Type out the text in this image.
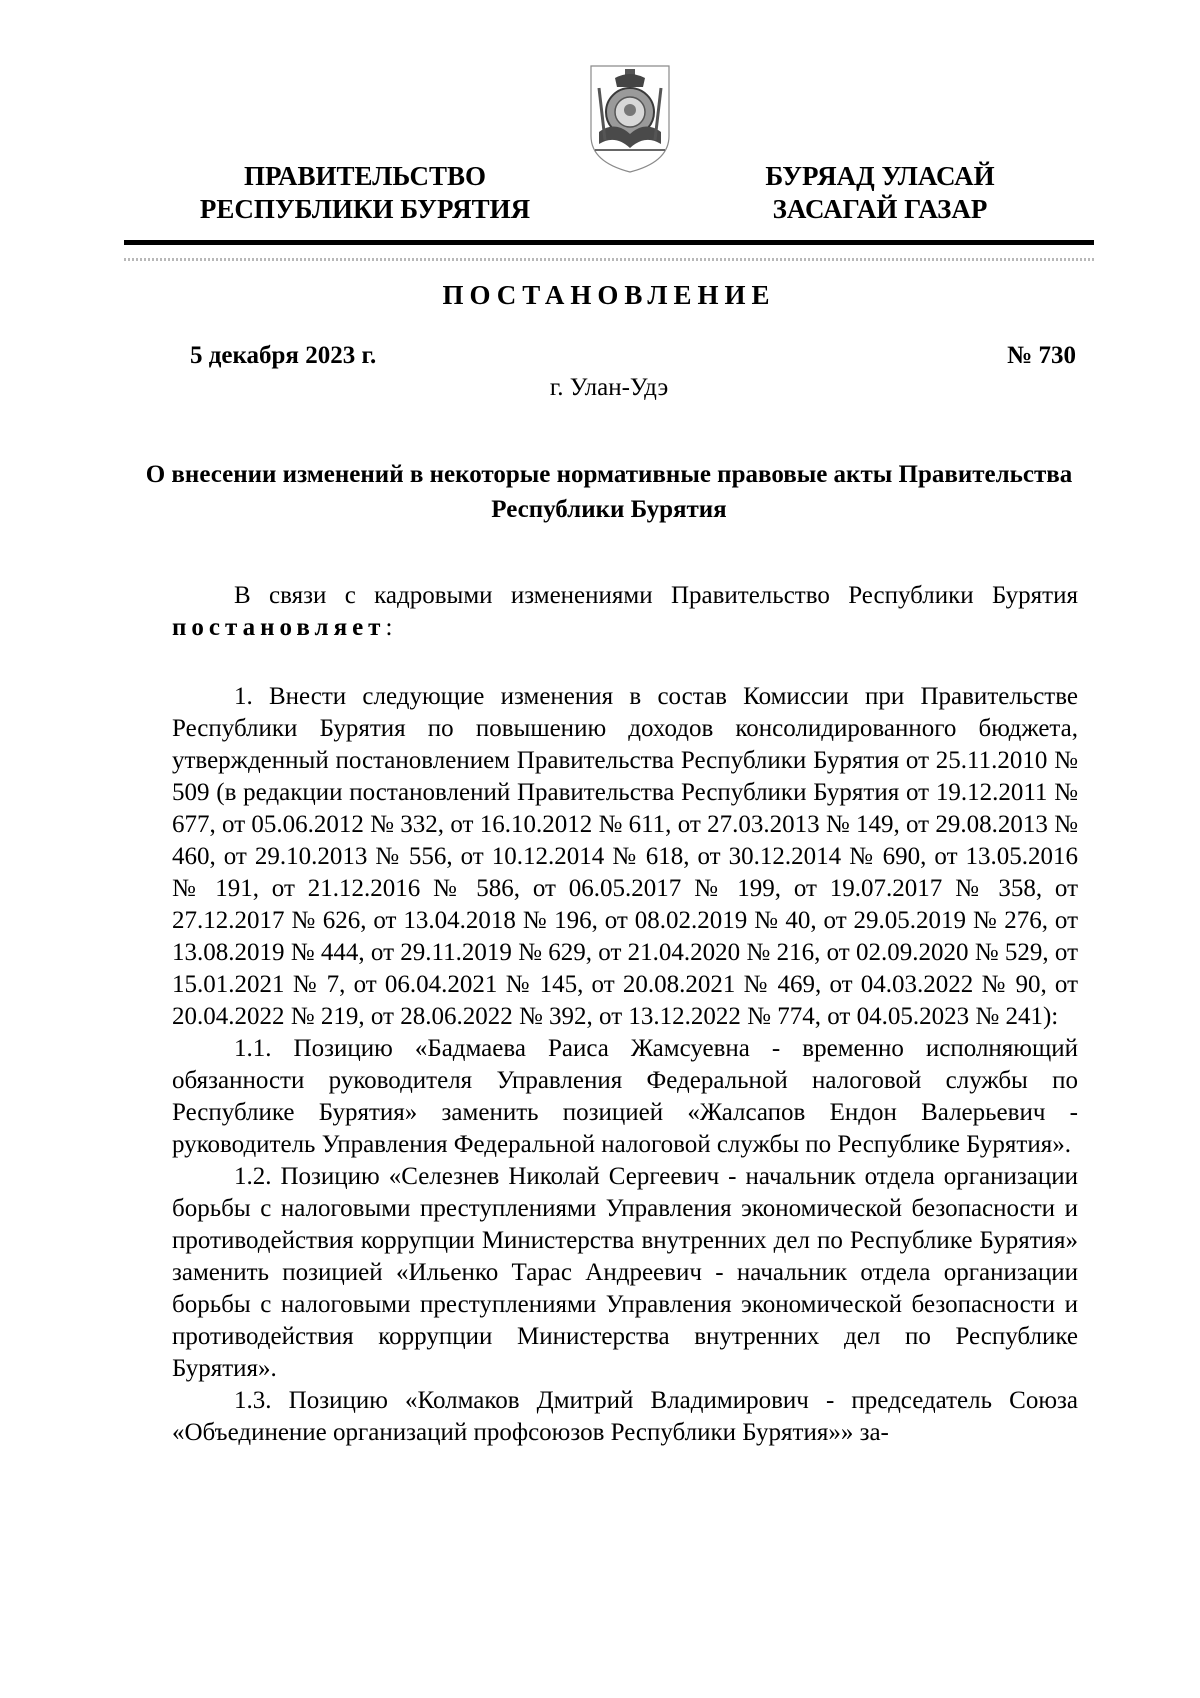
ПРАВИТЕЛЬСТВО
РЕСПУБЛИКИ БУРЯТИЯ
БУРЯАД УЛАСАЙ
ЗАСАГАЙ ГАЗАР
ПОСТАНОВЛЕНИЕ
5 декабря 2023 г.	№ 730
г. Улан-Удэ
О внесении изменений в некоторые нормативные правовые акты Правительства Республики Бурятия

В связи с кадровыми изменениями Правительство Республики Бурятия постановляет:

1. Внести следующие изменения в состав Комиссии при Правительстве Республики Бурятия по повышению доходов консолидированного бюджета, утвержденный постановлением Правительства Республики Бурятия от 25.11.2010 № 509 (в редакции постановлений Правительства Республики Бурятия от 19.12.2011 № 677, от 05.06.2012 № 332, от 16.10.2012 № 611, от 27.03.2013 № 149, от 29.08.2013 № 460, от 29.10.2013 № 556, от 10.12.2014 № 618, от 30.12.2014 № 690, от 13.05.2016 № 191, от 21.12.2016 № 586, от 06.05.2017 № 199, от 19.07.2017 № 358, от 27.12.2017 № 626, от 13.04.2018 № 196, от 08.02.2019 № 40, от 29.05.2019 № 276, от 13.08.2019 № 444, от 29.11.2019 № 629, от 21.04.2020 № 216, от 02.09.2020 № 529, от 15.01.2021 № 7, от 06.04.2021 № 145, от 20.08.2021 № 469, от 04.03.2022 № 90, от 20.04.2022 № 219, от 28.06.2022 № 392, от 13.12.2022 № 774, от 04.05.2023 № 241):

1.1. Позицию «Бадмаева Раиса Жамсуевна - временно исполняющий обязанности руководителя Управления Федеральной налоговой службы по Республике Бурятия» заменить позицией «Жалсапов Ендон Валерьевич - руководитель Управления Федеральной налоговой службы по Республике Бурятия».

1.2. Позицию «Селезнев Николай Сергеевич - начальник отдела организации борьбы с налоговыми преступлениями Управления экономической безопасности и противодействия коррупции Министерства внутренних дел по Республике Бурятия» заменить позицией «Ильенко Тарас Андреевич - начальник отдела организации борьбы с налоговыми преступлениями Управления экономической безопасности и противодействия коррупции Министерства внутренних дел по Республике Бурятия».

1.3. Позицию «Колмаков Дмитрий Владимирович - председатель Союза «Объединение организаций профсоюзов Республики Бурятия»» за-
